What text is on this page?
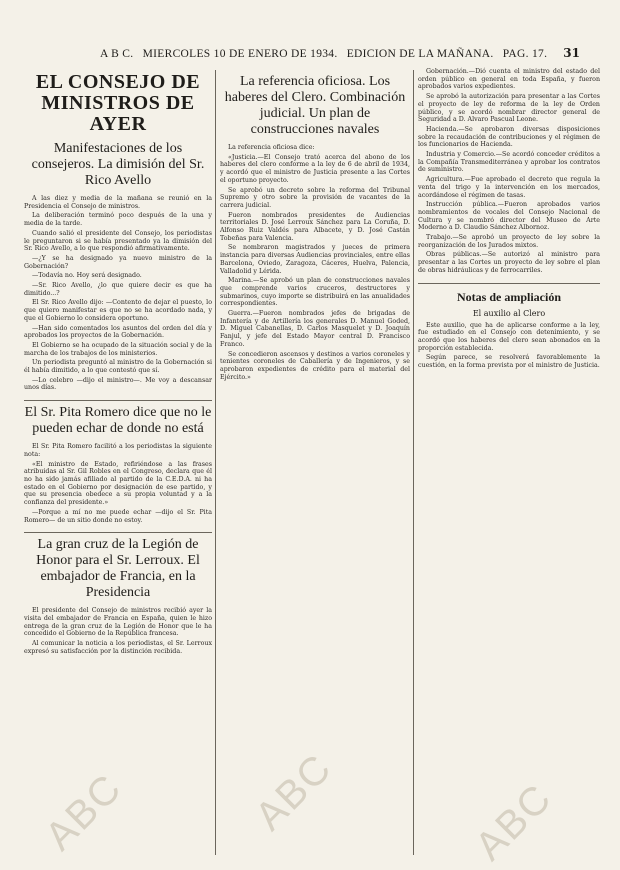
A B C. MIERCOLES 10 DE ENERO DE 1934. EDICION DE LA MAÑANA. PAG. 17. 31
EL CONSEJO DE MINISTROS DE AYER
Manifestaciones de los consejeros. La dimisión del Sr. Rico Avello

A las diez y media de la mañana se reunió en la Presidencia el Consejo de ministros.

La deliberación terminó poco después de la una y media de la tarde.

Cuando salió el presidente del Consejo, los periodistas le preguntaron si se había presentado ya la dimisión del Sr. Rico Avello, a lo que respondió afirmativamente.

—¿Y se ha designado ya nuevo ministro de la Gobernación?

—Todavía no. Hoy será designado.

—Sr. Rico Avello, ¿lo que quiere decir es que ha dimitido...?

El Sr. Rico Avello dijo: —Contento de dejar el puesto, lo que quiero manifestar es que no se ha acordado nada, y que el Gobierno lo considera oportuno.

—Han sido comentados los asuntos del orden del día y aprobados los proyectos de la Gobernación.

El Gobierno se ha ocupado de la situación social y de la marcha de los trabajos de los ministerios.

Un periodista preguntó al ministro de la Gobernación si él había dimitido, a lo que contestó que sí.

—Lo celebro —dijo el ministro—. Me voy a descansar unos días.

El Sr. Pita Romero dice que no le pueden echar de donde no está

El Sr. Pita Romero facilitó a los periodistas la siguiente nota:

«El ministro de Estado, refiriéndose a las frases atribuidas al Sr. Gil Robles en el Congreso, declara que él no ha sido jamás afiliado al partido de la C.E.D.A. ni ha estado en el Gobierno por designación de ese partido, y que su presencia obedece a su propia voluntad y a la confianza del presidente.»

—Porque a mí no me puede echar —dijo el Sr. Pita Romero— de un sitio donde no estoy.

La gran cruz de la Legión de Honor para el Sr. Lerroux. El embajador de Francia, en la Presidencia

El presidente del Consejo de ministros recibió ayer la visita del embajador de Francia en España, quien le hizo entrega de la gran cruz de la Legión de Honor que le ha concedido el Gobierno de la República francesa.

Al comunicar la noticia a los periodistas, el Sr. Lerroux expresó su satisfacción por la distinción recibida.

La referencia oficiosa. Los haberes del Clero. Combinación judicial. Un plan de construcciones navales

La referencia oficiosa dice:

«Justicia.—El Consejo trató acerca del abono de los haberes del clero conforme a la ley de 6 de abril de 1934, y acordó que el ministro de Justicia presente a las Cortes el oportuno proyecto.

Se aprobó un decreto sobre la reforma del Tribunal Supremo y otro sobre la provisión de vacantes de la carrera judicial.

Fueron nombrados presidentes de Audiencias territoriales D. José Lerroux Sánchez para La Coruña, D. Alfonso Ruiz Valdés para Albacete, y D. José Castán Tobeñas para Valencia.

Se nombraron magistrados y jueces de primera instancia para diversas Audiencias provinciales, entre ellas Barcelona, Oviedo, Zaragoza, Cáceres, Huelva, Palencia, Valladolid y Lérida.

Marina.—Se aprobó un plan de construcciones navales que comprende varios cruceros, destructores y submarinos, cuyo importe se distribuirá en las anualidades correspondientes.

Guerra.—Fueron nombrados jefes de brigadas de Infantería y de Artillería los generales D. Manuel Goded, D. Miguel Cabanellas, D. Carlos Masquelet y D. Joaquín Fanjul, y jefe del Estado Mayor central D. Francisco Franco.

Se concedieron ascensos y destinos a varios coroneles y tenientes coroneles de Caballería y de Ingenieros, y se aprobaron expedientes de crédito para el material del Ejército.»

Gobernación.—Dió cuenta el ministro del estado del orden público en general en toda España, y fueron aprobados varios expedientes.

Se aprobó la autorización para presentar a las Cortes el proyecto de ley de reforma de la ley de Orden público, y se acordó nombrar director general de Seguridad a D. Alvaro Pascual Leone.

Hacienda.—Se aprobaron diversas disposiciones sobre la recaudación de contribuciones y el régimen de los funcionarios de Hacienda.

Industria y Comercio.—Se acordó conceder créditos a la Compañía Transmediterránea y aprobar los contratos de suministro.

Agricultura.—Fue aprobado el decreto que regula la venta del trigo y la intervención en los mercados, acordándose el régimen de tasas.

Instrucción pública.—Fueron aprobados varios nombramientos de vocales del Consejo Nacional de Cultura y se nombró director del Museo de Arte Moderno a D. Claudio Sánchez Albornoz.

Trabajo.—Se aprobó un proyecto de ley sobre la reorganización de los Jurados mixtos.

Obras públicas.—Se autorizó al ministro para presentar a las Cortes un proyecto de ley sobre el plan de obras hidráulicas y de ferrocarriles.

Notas de ampliación
El auxilio al Clero

Este auxilio, que ha de aplicarse conforme a la ley, fue estudiado en el Consejo con detenimiento, y se acordó que los haberes del clero sean abonados en la proporción establecida.

Según parece, se resolverá favorablemente la cuestión, en la forma prevista por el ministro de Justicia.

ABC	ABC	ABC
